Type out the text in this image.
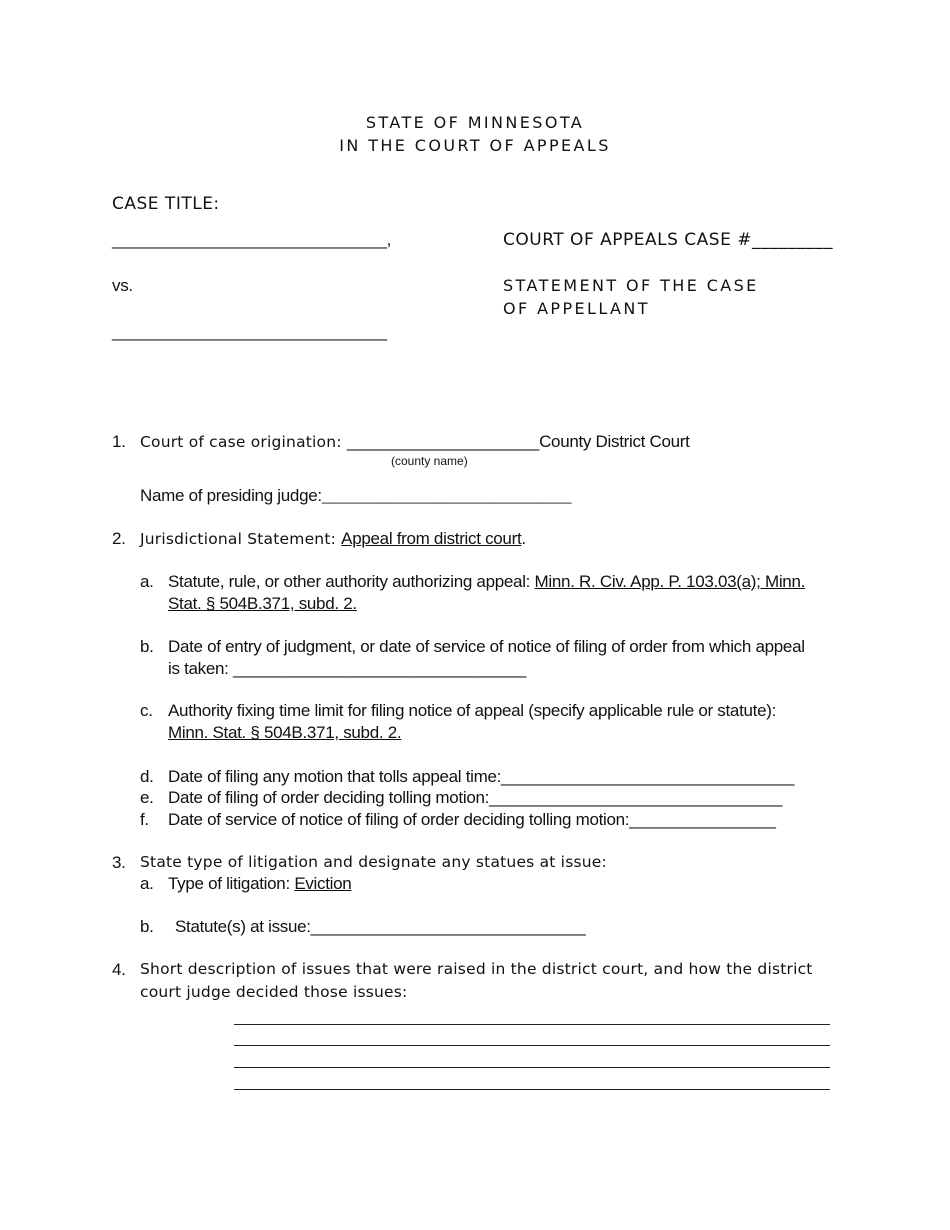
STATE OF MINNESOTA
IN THE COURT OF APPEALS
CASE TITLE:
______________________________,	COURT OF APPEALS CASE #_________
vs.	STATEMENT OF THE CASE
OF APPELLANT
______________________________
1. Court of case origination: _____________________County District Court
(county name)
Name of presiding judge:____________________________________
2. Jurisdictional Statement: Appeal from district court.
a. Statute, rule, or other authority authorizing appeal: Minn. R. Civ. App. P. 103.03(a); Minn.
Stat. § 504B.371, subd. 2.
b. Date of entry of judgment, or date of service of notice of filing of order from which appeal
is taken: ________________________________
c. Authority fixing time limit for filing notice of appeal (specify applicable rule or statute):
Minn. Stat. § 504B.371, subd. 2.
d. Date of filing any motion that tolls appeal time:________________________________
e. Date of filing of order deciding tolling motion:________________________________
f. Date of service of notice of filing of order deciding tolling motion:________________
3. State type of litigation and designate any statues at issue:
a. Type of litigation: Eviction
b. Statute(s) at issue:______________________________
4. Short description of issues that were raised in the district court, and how the district
court judge decided those issues:
